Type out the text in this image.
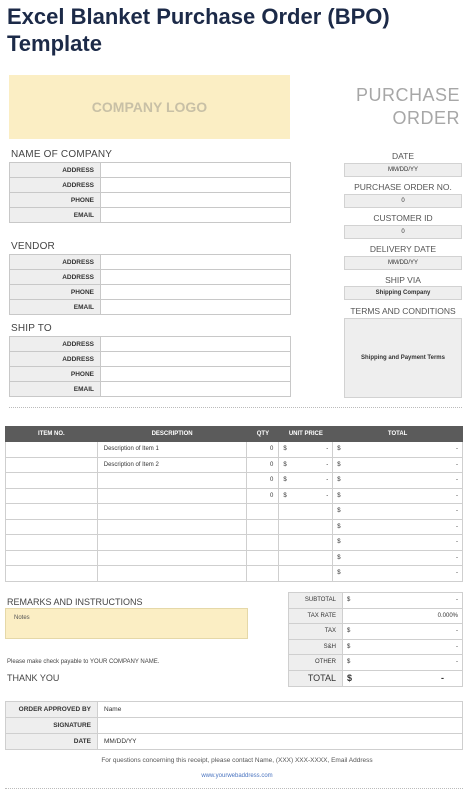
Excel Blanket Purchase Order (BPO)
Template
COMPANY LOGO
PURCHASE
ORDER
NAME OF COMPANY
ADDRESS	
ADDRESS	
PHONE	
EMAIL	
VENDOR
ADDRESS	
ADDRESS	
PHONE	
EMAIL	
SHIP TO
ADDRESS	
ADDRESS	
PHONE	
EMAIL	
DATE
MM/DD/YY
PURCHASE ORDER NO.
0
CUSTOMER ID
0
DELIVERY DATE
MM/DD/YY
SHIP VIA
Shipping Company
TERMS AND CONDITIONS
Shipping and Payment Terms
ITEM NO.	DESCRIPTION	QTY	UNIT PRICE	TOTAL
	Description of Item 1	0	$ -	$ -

	Description of Item 2	0	$ -	$ -

		0	$ -	$ -

		0	$ -	$ -

				$ -

				$ -

				$ -

				$ -

				$ -
REMARKS AND INSTRUCTIONS
Notes
Please make check payable to YOUR COMPANY NAME.
THANK YOU
SUBTOTAL	$ -

TAX RATE	0.000%
TAX	$ -

S&H	$ -

OTHER	$ -

TOTAL	$ -
ORDER APPROVED BY	Name
SIGNATURE	
DATE	MM/DD/YY
For questions concerning this receipt, please contact Name, (XXX) XXX-XXXX, Email Address
www.yourwebaddress.com
